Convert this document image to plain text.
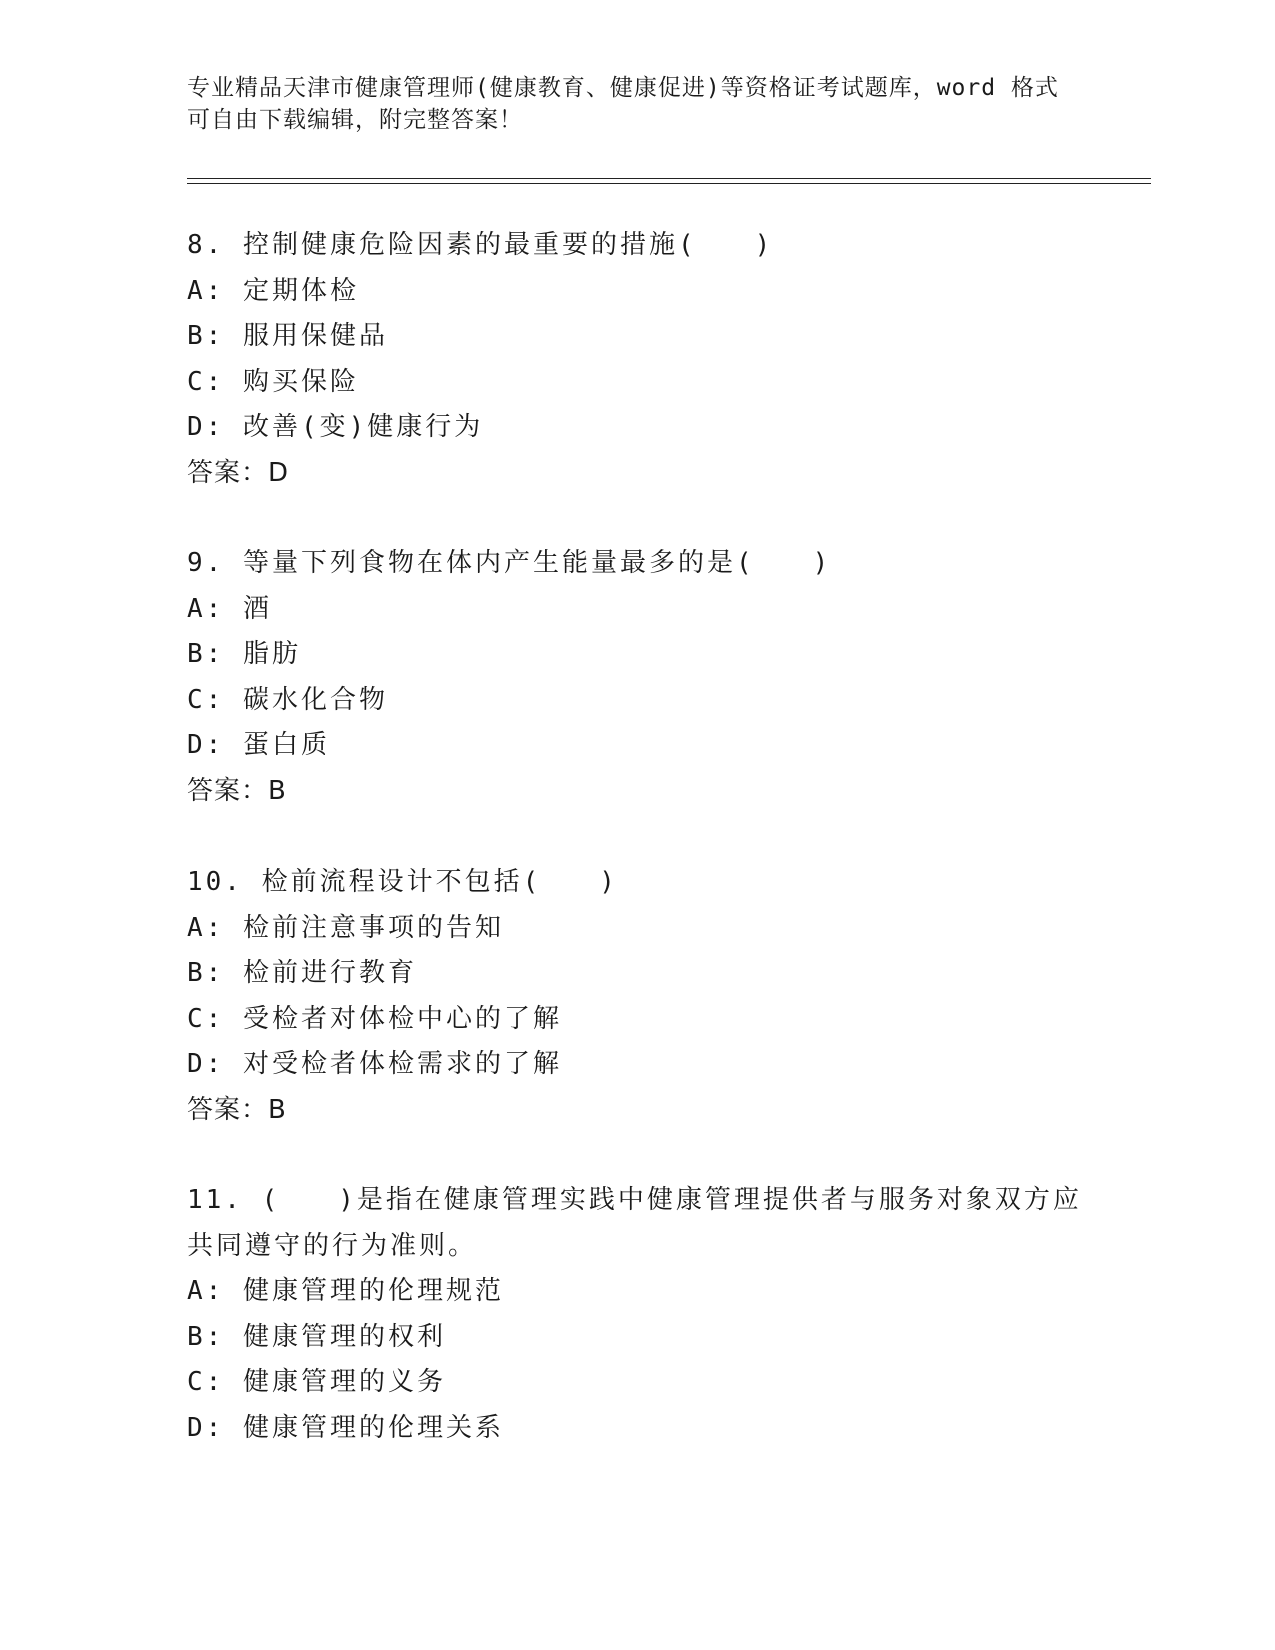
专业精品天津市健康管理师(健康教育、健康促进)等资格证考试题库，word 格式
可自由下载编辑，附完整答案！
8. 控制健康危险因素的最重要的措施(　　)
A: 定期体检
B: 服用保健品
C: 购买保险
D: 改善(变)健康行为
答案：D
9. 等量下列食物在体内产生能量最多的是(　　)
A: 酒
B: 脂肪
C: 碳水化合物
D: 蛋白质
答案：B
10. 检前流程设计不包括(　　)
A: 检前注意事项的告知
B: 检前进行教育
C: 受检者对体检中心的了解
D: 对受检者体检需求的了解
答案：B
11. (　　)是指在健康管理实践中健康管理提供者与服务对象双方应
共同遵守的行为准则。
A: 健康管理的伦理规范
B: 健康管理的权利
C: 健康管理的义务
D: 健康管理的伦理关系
